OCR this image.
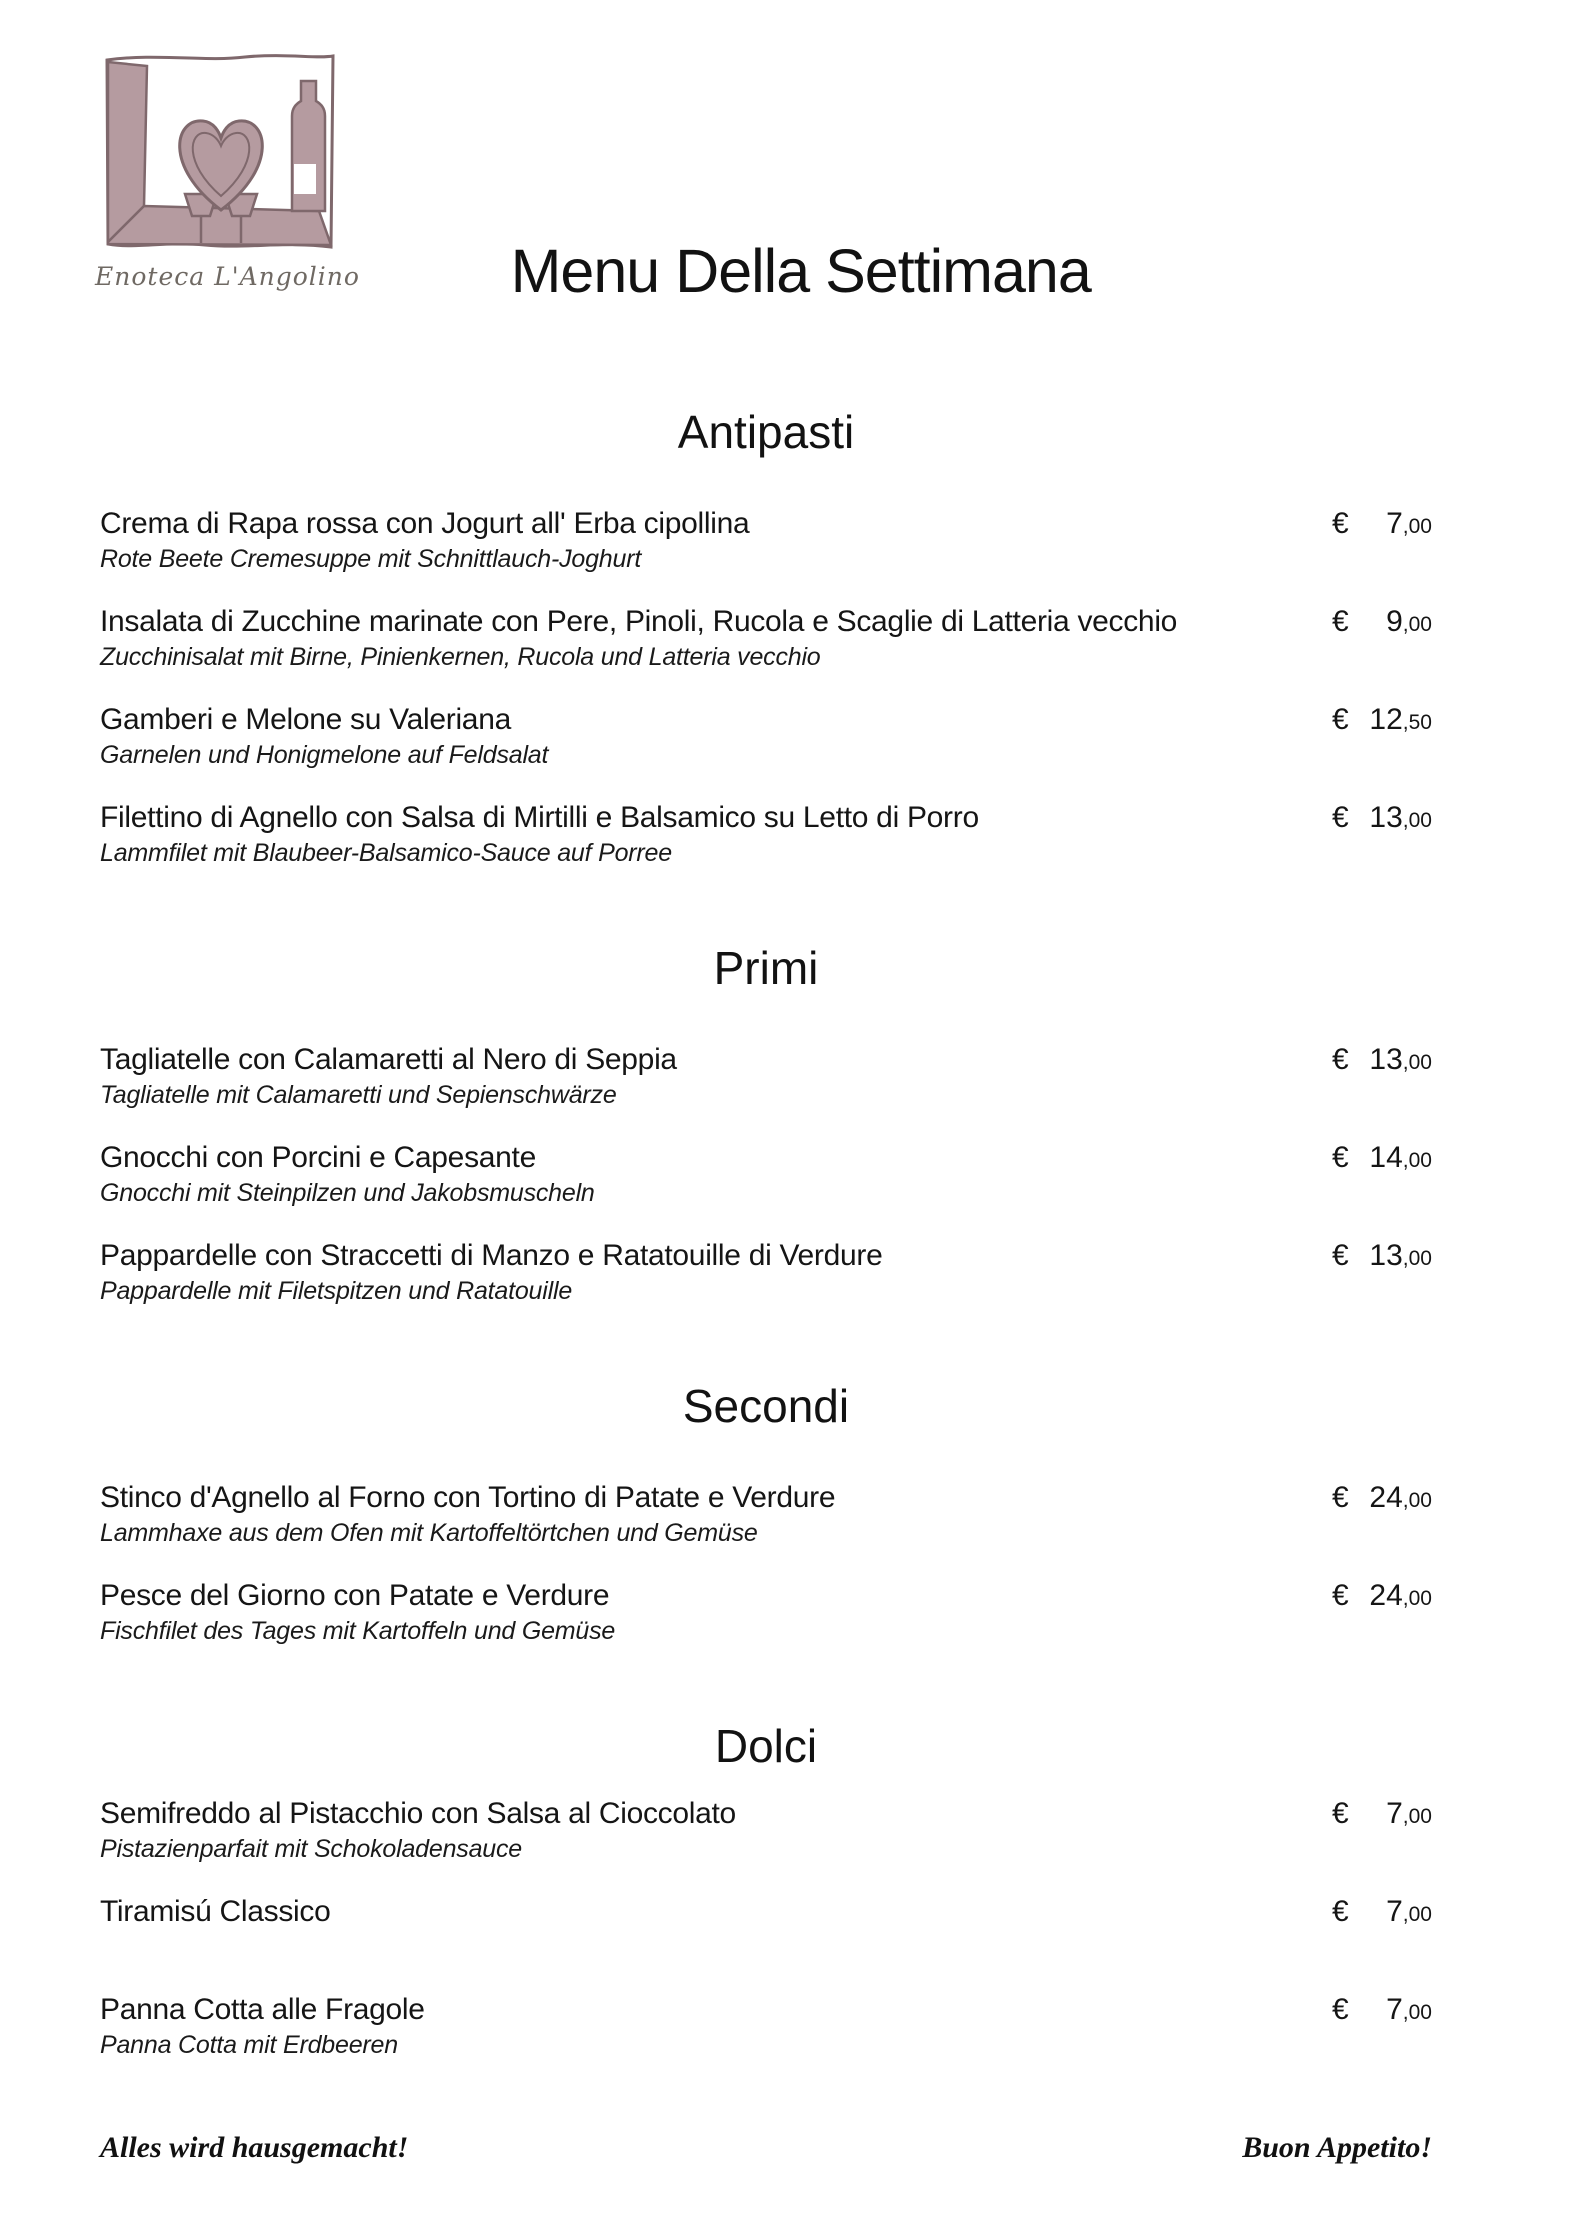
Enoteca L'Angolino Menu Della Settimana
Antipasti
Crema di Rapa rossa con Jogurt all' Erba cipollina	€ 7,00
Rote Beete Cremesuppe mit Schnittlauch-Joghurt
Insalata di Zucchine marinate con Pere, Pinoli, Rucola e Scaglie di Latteria vecchio	€ 9,00
Zucchinisalat mit Birne, Pinienkernen, Rucola und Latteria vecchio
Gamberi e Melone su Valeriana	€ 12,50
Garnelen und Honigmelone auf Feldsalat
Filettino di Agnello con Salsa di Mirtilli e Balsamico su Letto di Porro	€ 13,00
Lammfilet mit Blaubeer-Balsamico-Sauce auf Porree
Primi
Tagliatelle con Calamaretti al Nero di Seppia	€ 13,00
Tagliatelle mit Calamaretti und Sepienschwärze
Gnocchi con Porcini e Capesante	€ 14,00
Gnocchi mit Steinpilzen und Jakobsmuscheln
Pappardelle con Straccetti di Manzo e Ratatouille di Verdure	€ 13,00
Pappardelle mit Filetspitzen und Ratatouille
Secondi
Stinco d'Agnello al Forno con Tortino di Patate e Verdure	€ 24,00
Lammhaxe aus dem Ofen mit Kartoffeltörtchen und Gemüse
Pesce del Giorno con Patate e Verdure	€ 24,00
Fischfilet des Tages mit Kartoffeln und Gemüse
Dolci
Semifreddo al Pistacchio con Salsa al Cioccolato	€ 7,00
Pistazienparfait mit Schokoladensauce
Tiramisú Classico	€ 7,00
Panna Cotta alle Fragole	€ 7,00
Panna Cotta mit Erdbeeren
Alles wird hausgemacht!	Buon Appetito!
